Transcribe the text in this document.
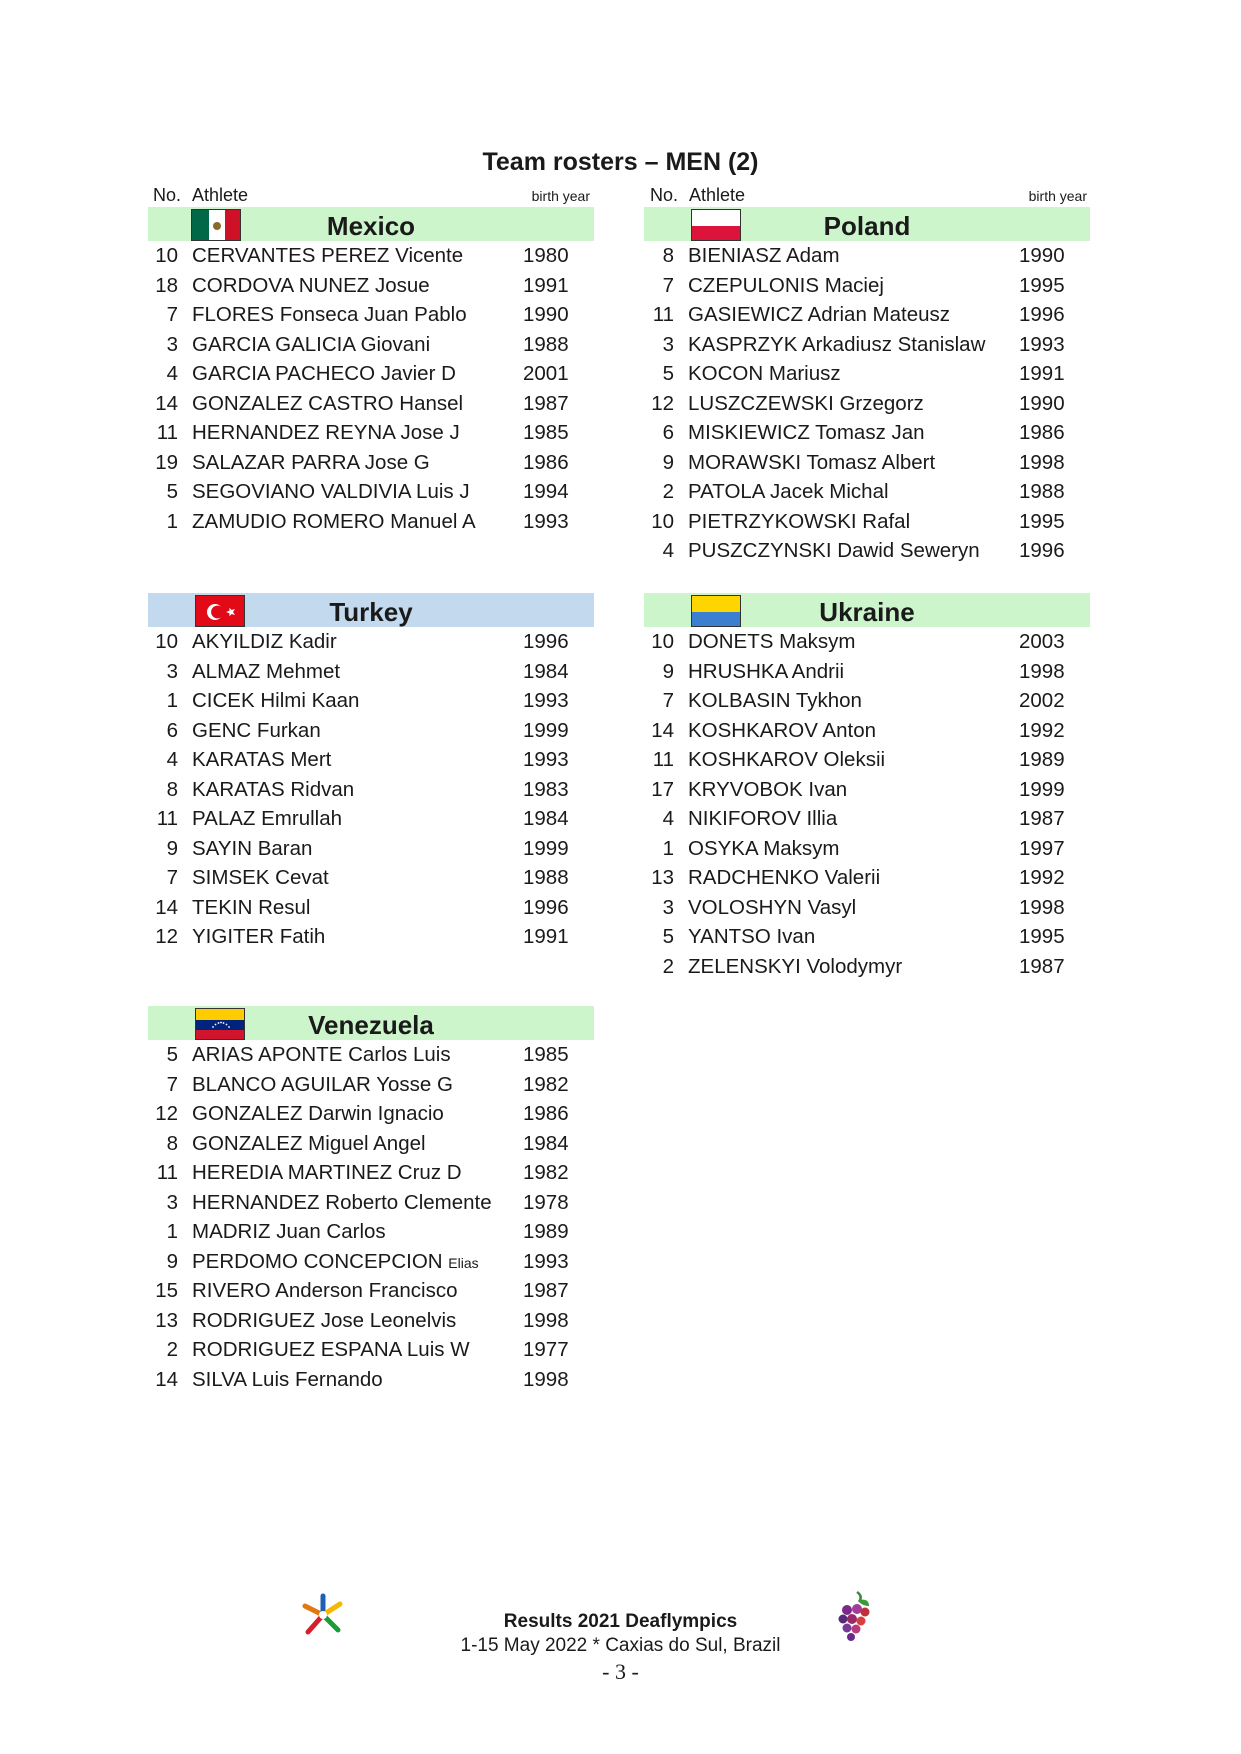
Team rosters – MEN (2)
No. Athlete	birth year	No. Athlete	birth year
Mexico
10 CERVANTES PEREZ Vicente	1980
18 CORDOVA NUNEZ Josue	1991
7 FLORES Fonseca Juan Pablo	1990
3 GARCIA GALICIA Giovani	1988
4 GARCIA PACHECO Javier D	2001
14 GONZALEZ CASTRO Hansel	1987
11 HERNANDEZ REYNA Jose J	1985
19 SALAZAR PARRA Jose G	1986
5 SEGOVIANO VALDIVIA Luis J	1994
1 ZAMUDIO ROMERO Manuel A 1993
Poland
8 BIENIASZ Adam	1990
7 CZEPULONIS Maciej	1995
11 GASIEWICZ Adrian Mateusz	1996
3 KASPRZYK Arkadiusz Stanislaw 1993
5 KOCON Mariusz	1991
12 LUSZCZEWSKI Grzegorz	1990
6 MISKIEWICZ Tomasz Jan	1986
9 MORAWSKI Tomasz Albert	1998
2 PATOLA Jacek Michal	1988
10 PIETRZYKOWSKI Rafal	1995
4 PUSZCZYNSKI Dawid Seweryn 1996
Turkey
10 AKYILDIZ Kadir	1996
3 ALMAZ Mehmet	1984
1 CICEK Hilmi Kaan	1993
6 GENC Furkan	1999
4 KARATAS Mert	1993
8 KARATAS Ridvan	1983
11 PALAZ Emrullah	1984
9 SAYIN Baran	1999
7 SIMSEK Cevat	1988
14 TEKIN Resul	1996
12 YIGITER Fatih	1991
Ukraine
10 DONETS Maksym	2003
9 HRUSHKA Andrii	1998
7 KOLBASIN Tykhon	2002
14 KOSHKAROV Anton	1992
11 KOSHKAROV Oleksii	1989
17 KRYVOBOK Ivan	1999
4 NIKIFOROV Illia	1987
1 OSYKA Maksym	1997
13 RADCHENKO Valerii	1992
3 VOLOSHYN Vasyl	1998
5 YANTSO Ivan	1995
2 ZELENSKYI Volodymyr	1987
Venezuela
5 ARIAS APONTE Carlos Luis	1985
7 BLANCO AGUILAR Yosse G	1982
12 GONZALEZ Darwin Ignacio	1986
8 GONZALEZ Miguel Angel	1984
11 HEREDIA MARTINEZ Cruz D	1982
3 HERNANDEZ Roberto Clemente 1978
1 MADRIZ Juan Carlos	1989
9 PERDOMO CONCEPCION Elias 1993
15 RIVERO Anderson Francisco	1987
13 RODRIGUEZ Jose Leonelvis	1998
2 RODRIGUEZ ESPANA Luis W	1977
14 SILVA Luis Fernando	1998
Results 2021 Deaflympics
1-15 May 2022 * Caxias do Sul, Brazil
- 3 -
